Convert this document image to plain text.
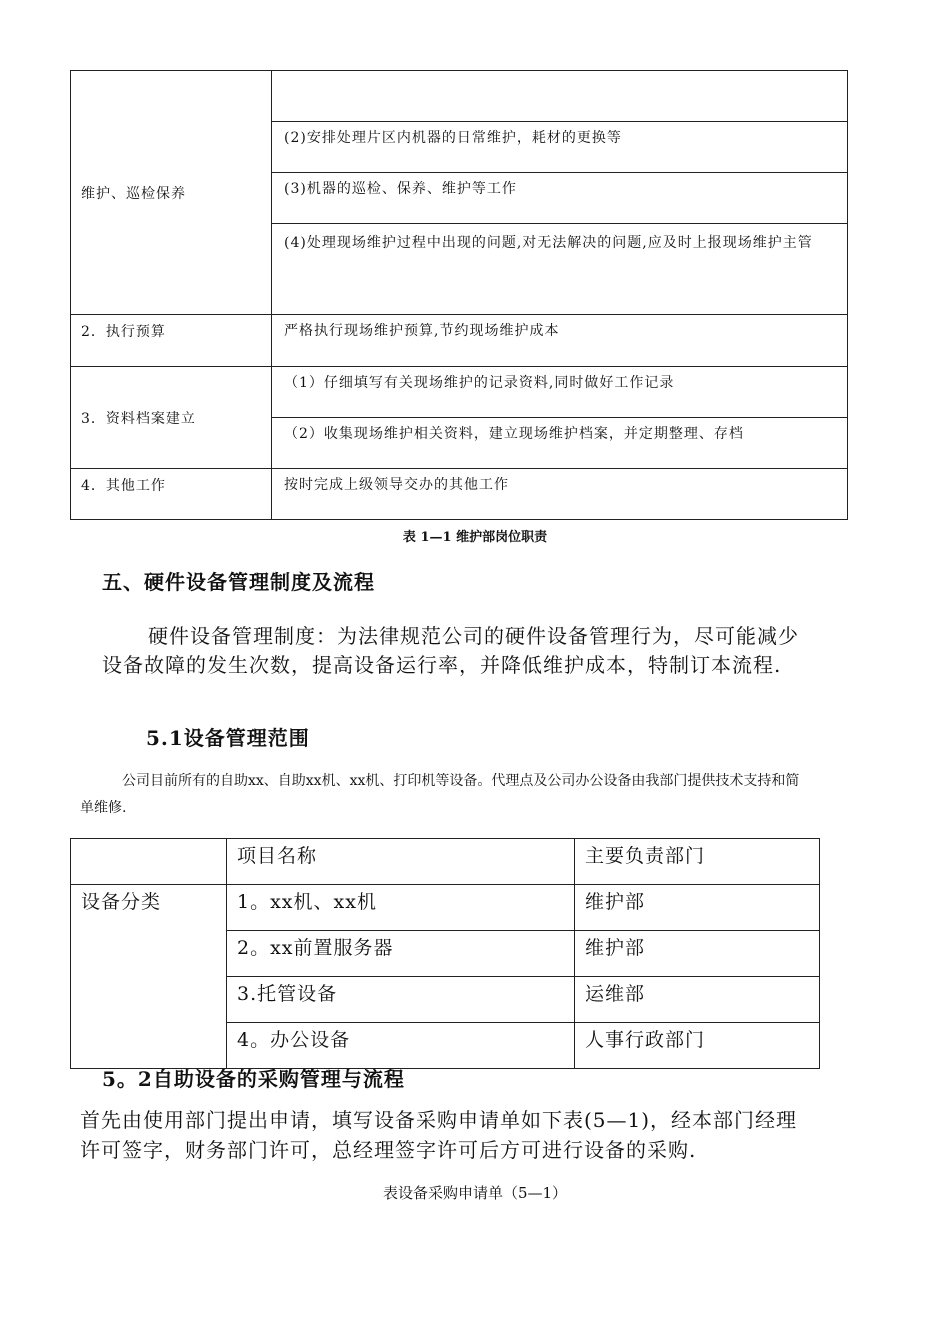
维护、巡检保养	
	(2)安排处理片区内机器的日常维护，耗材的更换等
	(3)机器的巡检、保养、维护等工作
	(4)处理现场维护过程中出现的问题,对无法解决的问题,应及时上报现场维护主管
2．执行预算	严格执行现场维护预算,节约现场维护成本
3．资料档案建立	（1）仔细填写有关现场维护的记录资料,同时做好工作记录
	（2）收集现场维护相关资料，建立现场维护档案，并定期整理、存档
4．其他工作	按时完成上级领导交办的其他工作
表 1—1 维护部岗位职责
五、硬件设备管理制度及流程
硬件设备管理制度：为法律规范公司的硬件设备管理行为，尽可能减少设备故障的发生次数，提高设备运行率，并降低维护成本，特制订本流程.
5.1设备管理范围
公司目前所有的自助xx、自助xx机、xx机、打印机等设备。代理点及公司办公设备由我部门提供技术支持和简单维修.
	项目名称	主要负责部门
设备分类	1。xx机、xx机	维护部
	2。xx前置服务器	维护部
	3.托管设备	运维部
	4。办公设备	人事行政部门
5。2自助设备的采购管理与流程
首先由使用部门提出申请，填写设备采购申请单如下表(5—1)，经本部门经理许可签字，财务部门许可，总经理签字许可后方可进行设备的采购.
表设备采购申请单（5—1）
